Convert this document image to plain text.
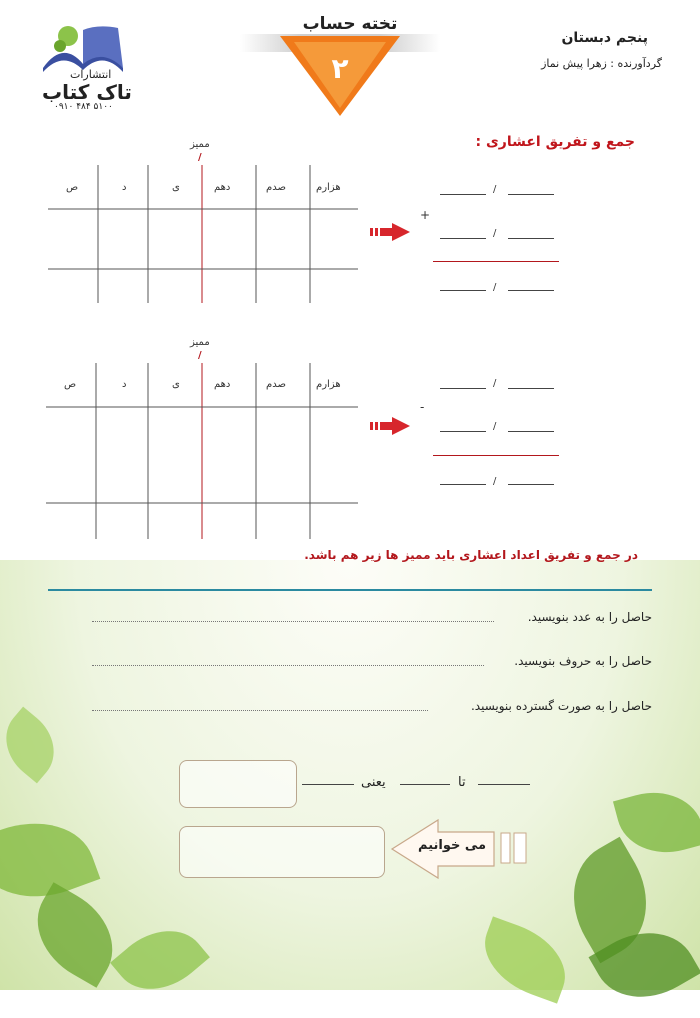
پنجم دبستان
گردآورنده : زهرا پیش نماز
تخته حساب
۲
انتشارات
تاک کتاب
۰۹۱۰ ۴۸۴ ۵۱۰۰
جمع و تفریق اعشاری :
ممیز
/
هزارم
صدم
دهم
ی
د
ص
+
/
/
/
ممیز
/
هزارم
صدم
دهم
ی
د
ص
-
/
/
/
در جمع و تفریق اعداد اعشاری باید ممیز ها زیر هم باشد.
حاصل را به عدد بنویسید.
حاصل را به حروف بنویسید.
حاصل را به صورت گسترده بنویسید.
یعنی	تا
می خوانیم
